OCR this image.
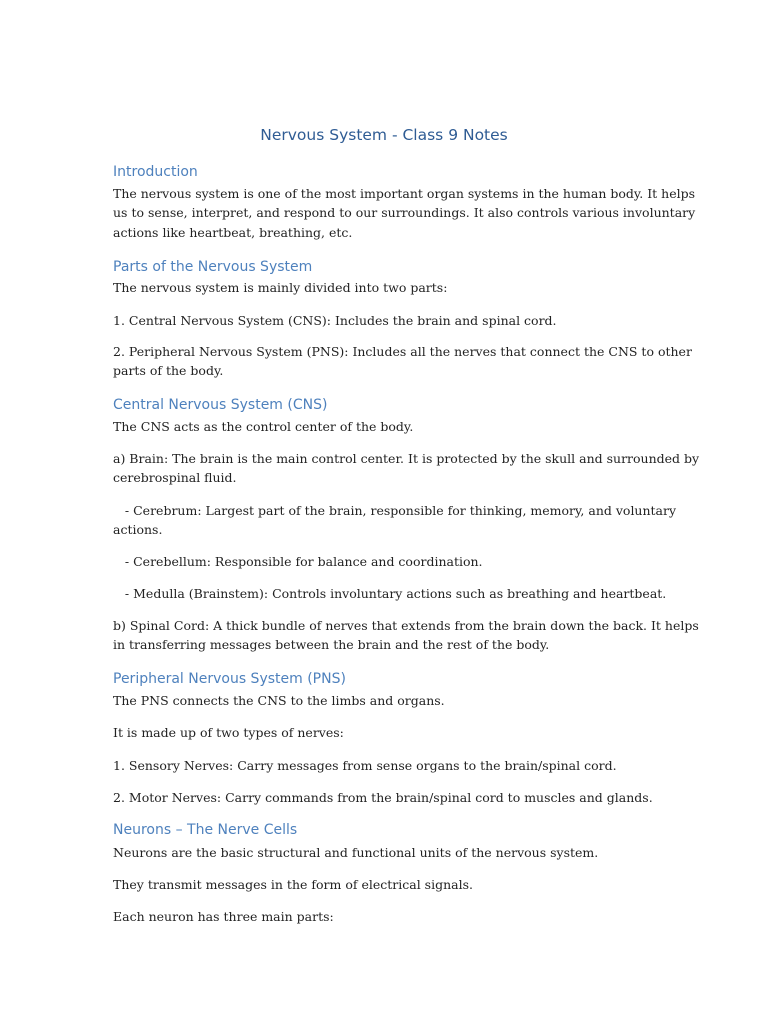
Nervous System - Class 9 Notes
Introduction

The nervous system is one of the most important organ systems in the human body. It helps
us to sense, interpret, and respond to our surroundings. It also controls various involuntary
actions like heartbeat, breathing, etc.

Parts of the Nervous System

The nervous system is mainly divided into two parts:

1. Central Nervous System (CNS): Includes the brain and spinal cord.

2. Peripheral Nervous System (PNS): Includes all the nerves that connect the CNS to other
parts of the body.

Central Nervous System (CNS)

The CNS acts as the control center of the body.

a) Brain: The brain is the main control center. It is protected by the skull and surrounded by
cerebrospinal fluid.

- Cerebrum: Largest part of the brain, responsible for thinking, memory, and voluntary
actions.

- Cerebellum: Responsible for balance and coordination.

- Medulla (Brainstem): Controls involuntary actions such as breathing and heartbeat.

b) Spinal Cord: A thick bundle of nerves that extends from the brain down the back. It helps
in transferring messages between the brain and the rest of the body.

Peripheral Nervous System (PNS)

The PNS connects the CNS to the limbs and organs.

It is made up of two types of nerves:

1. Sensory Nerves: Carry messages from sense organs to the brain/spinal cord.

2. Motor Nerves: Carry commands from the brain/spinal cord to muscles and glands.

Neurons – The Nerve Cells

Neurons are the basic structural and functional units of the nervous system.

They transmit messages in the form of electrical signals.

Each neuron has three main parts:
